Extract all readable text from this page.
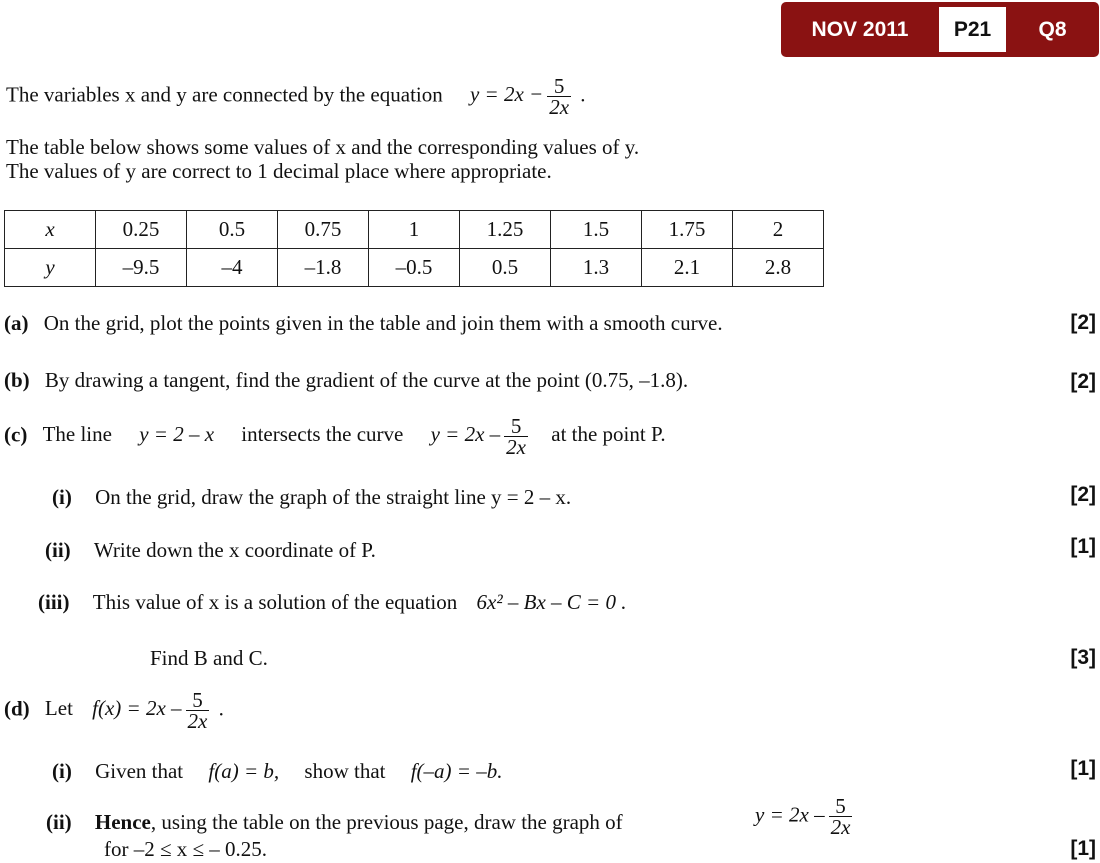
NOV 2011	P21	Q8
The variables x and y are connected by the equation $y = 2x - \frac{5}{2x}$ .
The table below shows some values of x and the corresponding values of y.
The values of y are correct to 1 decimal place where appropriate.
x	0.25	0.5	0.75	1	1.25	1.5	1.75	2
y	–9.5	–4	–1.8	–0.5	0.5	1.3	2.1	2.8
(a) On the grid, plot the points given in the table and join them with a smooth curve.	[2]
(b) By drawing a tangent, find the gradient of the curve at the point (0.75, –1.8).	[2]
(c) The line y = 2 – x intersects the curve $y = 2x - \frac{5}{2x}$ at the point P.
(i) On the grid, draw the graph of the straight line y = 2 – x.	[2]
(ii) Write down the x coordinate of P.	[1]
(iii) This value of x is a solution of the equation 6x² – Bx – C = 0 .
Find B and C.	[3]
(d) Let $f(x) = 2x - \frac{5}{2x}$ .
(i) Given that f(a) = b, show that f(–a) = –b.	[1]
(ii) Hence, using the table on the previous page, draw the graph of	$y = 2x - \frac{5}{2x}$
for –2 ≤ x ≤ – 0.25.	[1]
